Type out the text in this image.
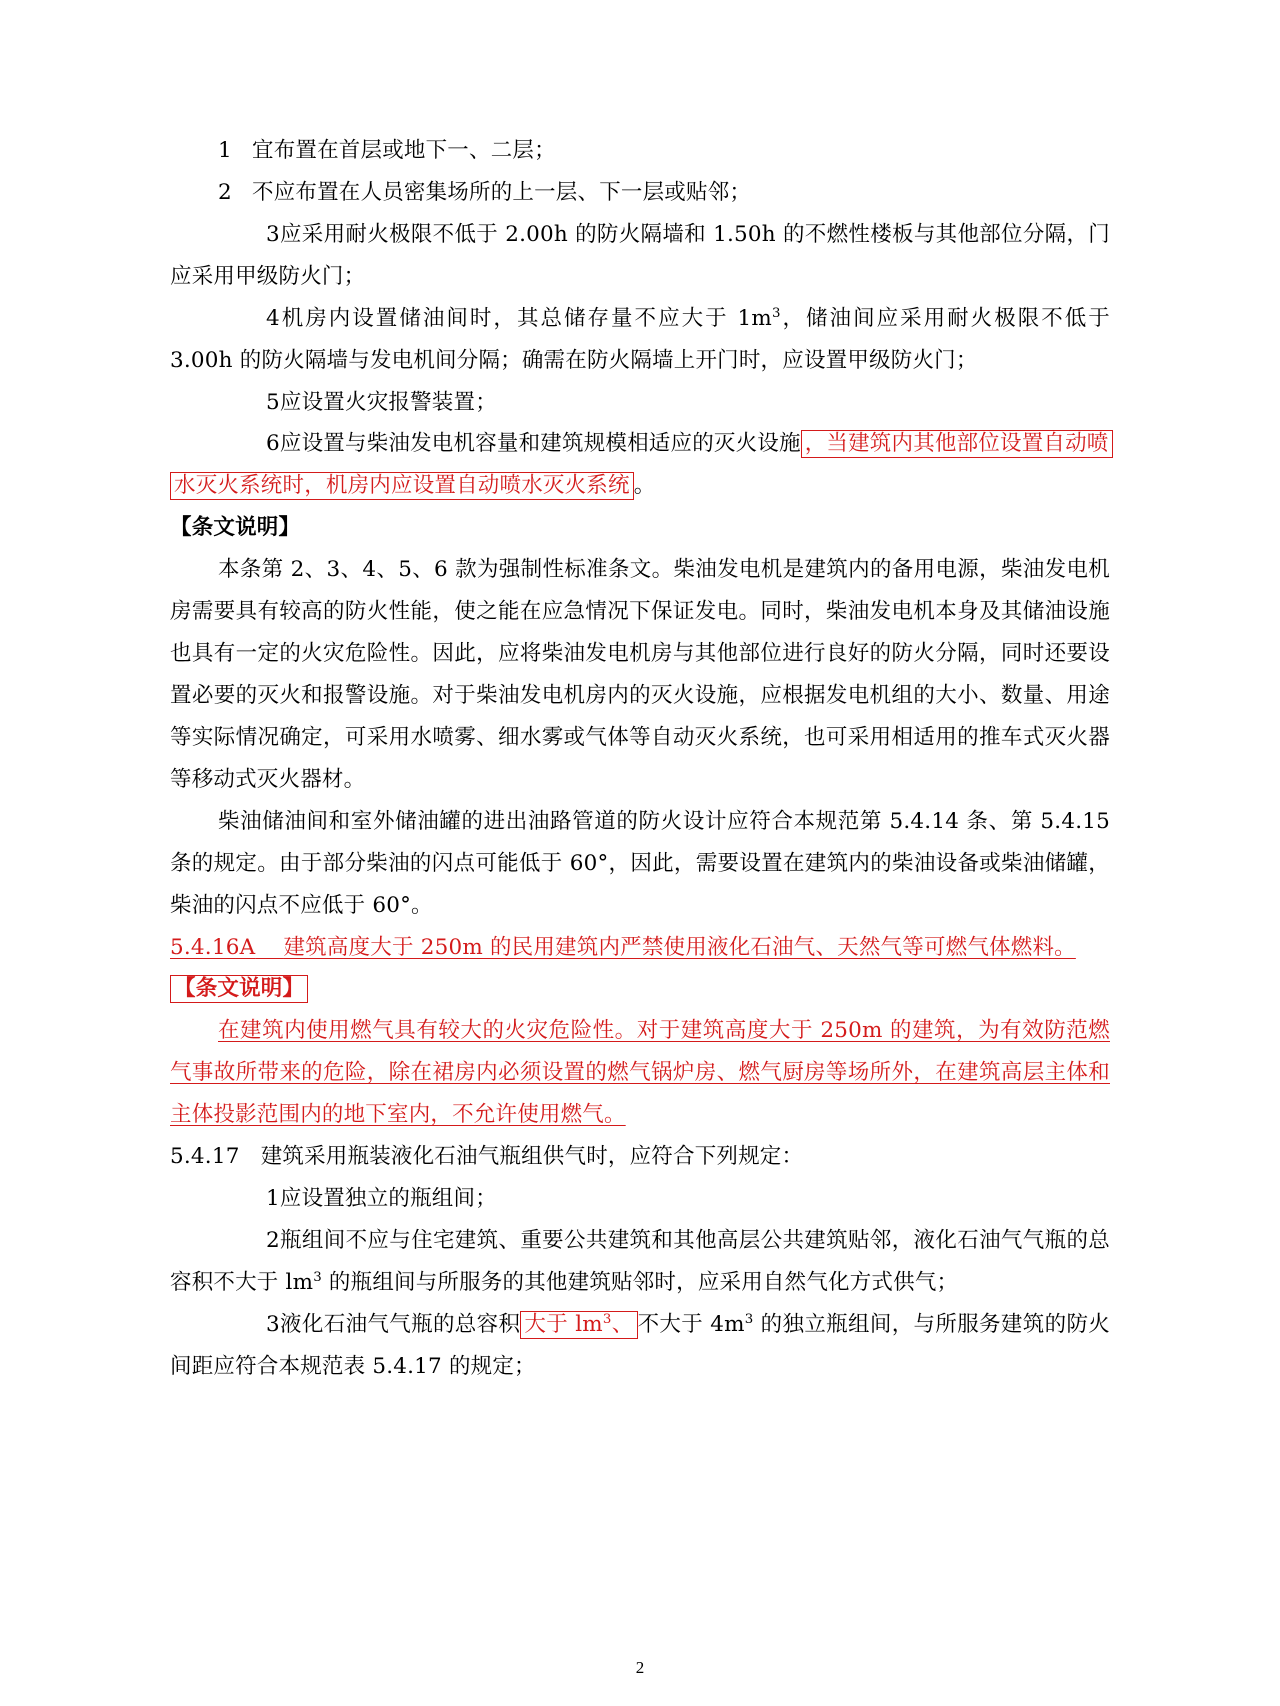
1 宜布置在首层或地下一、二层；

2 不应布置在人员密集场所的上一层、下一层或贴邻；

3应采用耐火极限不低于 2.00h 的防火隔墙和 1.50h 的不燃性楼板与其他部位分隔，门应采用甲级防火门；

4机房内设置储油间时，其总储存量不应大于 $1m^3$，储油间应采用耐火极限不低于 3.00h 的防火隔墙与发电机间分隔；确需在防火隔墙上开门时，应设置甲级防火门；

5应设置火灾报警装置；

6应设置与柴油发电机容量和建筑规模相适应的灭火设施 ，当建筑内其他部位设置自动喷水灭火系统时，机房内应设置自动喷水灭火系统 。

【条文说明】

本条第 2、3、4、5、6 款为强制性标准条文。柴油发电机是建筑内的备用电源，柴油发电机房需要具有较高的防火性能，使之能在应急情况下保证发电。同时，柴油发电机本身及其储油设施也具有一定的火灾危险性。因此，应将柴油发电机房与其他部位进行良好的防火分隔，同时还要设置必要的灭火和报警设施。对于柴油发电机房内的灭火设施，应根据发电机组的大小、数量、用途等实际情况确定，可采用水喷雾、细水雾或气体等自动灭火系统，也可采用相适用的推车式灭火器等移动式灭火器材。

柴油储油间和室外储油罐的进出油路管道的防火设计应符合本规范第 5.4.14 条、第 5.4.15 条的规定。由于部分柴油的闪点可能低于 60°，因此，需要设置在建筑内的柴油设备或柴油储罐，柴油的闪点不应低于 60°。

5.4.16A 建筑高度大于 250m 的民用建筑内严禁使用液化石油气、天然气等可燃气体燃料。

【条文说明】

在建筑内使用燃气具有较大的火灾危险性。对于建筑高度大于 250m 的建筑，为有效防范燃气事故所带来的危险，除在裙房内必须设置的燃气锅炉房、燃气厨房等场所外，在建筑高层主体和主体投影范围内的地下室内，不允许使用燃气。

5.4.17 建筑采用瓶装液化石油气瓶组供气时，应符合下列规定：

1应设置独立的瓶组间；

2瓶组间不应与住宅建筑、重要公共建筑和其他高层公共建筑贴邻，液化石油气气瓶的总容积不大于 $lm^3$ 的瓶组间与所服务的其他建筑贴邻时，应采用自然气化方式供气；

3液化石油气气瓶的总容积 大于 $lm^3$、 不大于 $4m^3$ 的独立瓶组间，与所服务建筑的防火间距应符合本规范表 5.4.17 的规定；

2
